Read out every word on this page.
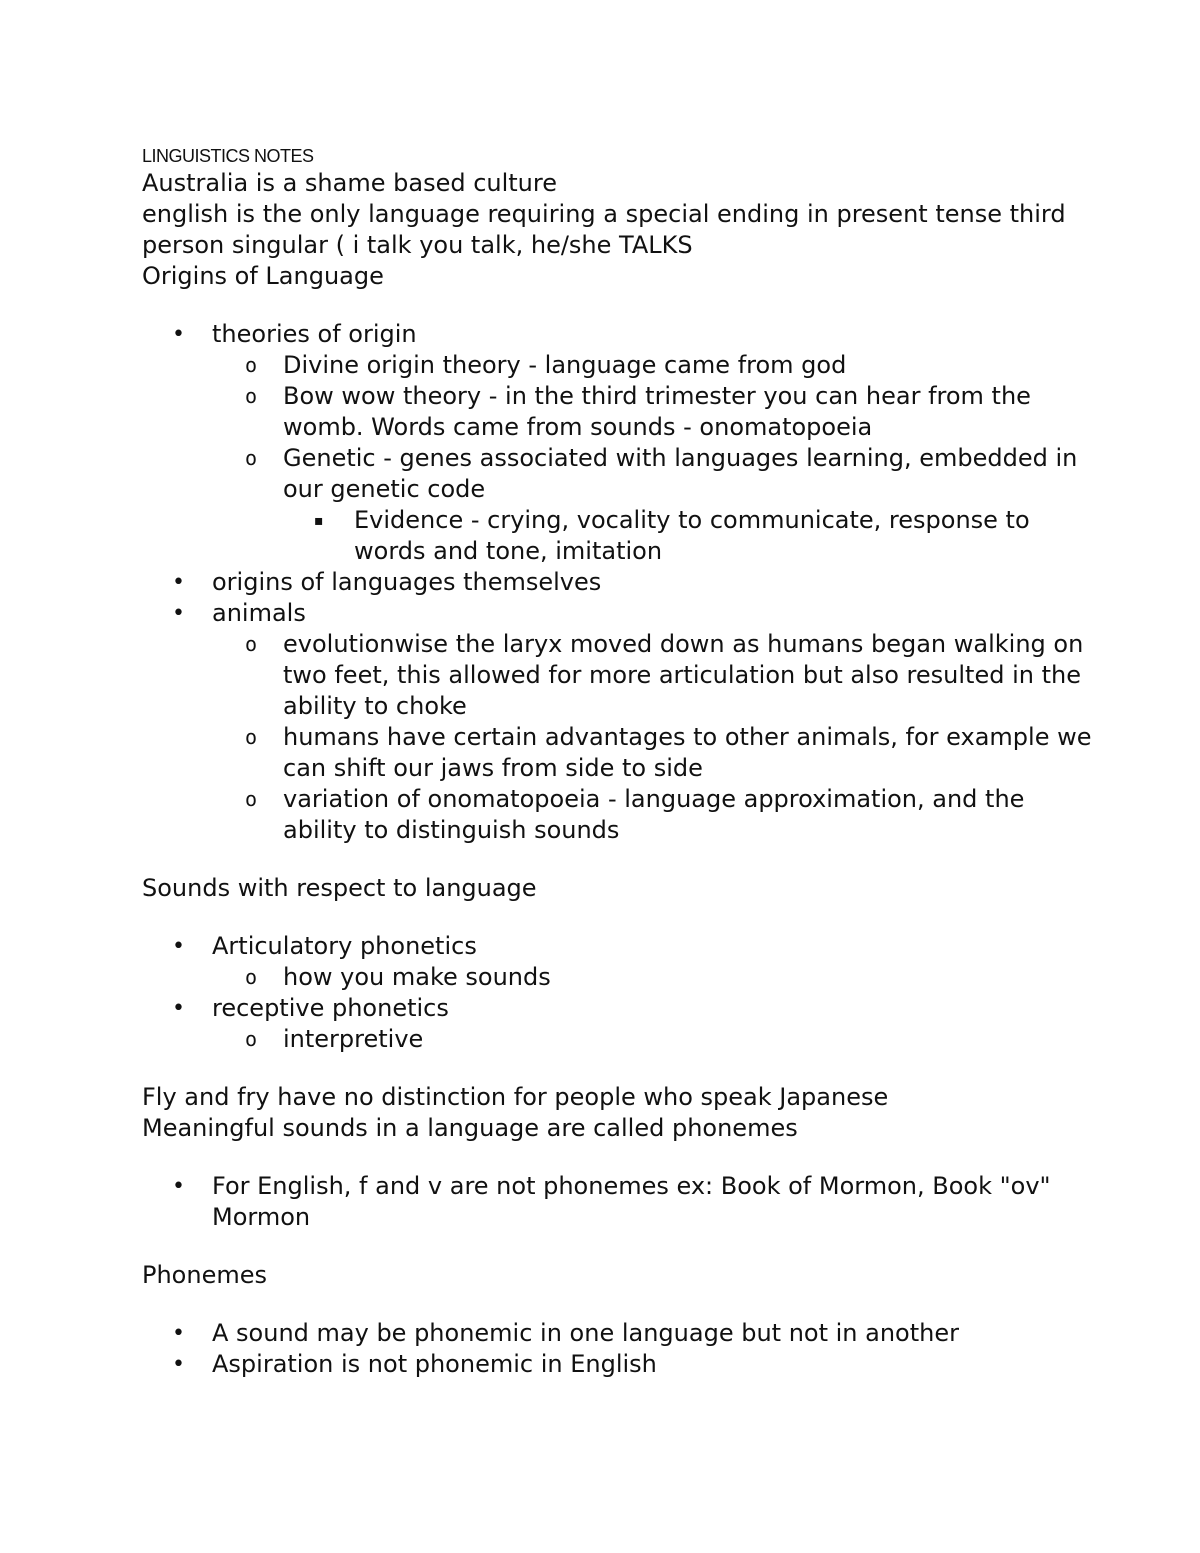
LINGUISTICS NOTES

Australia is a shame based culture

english is the only language requiring a special ending in present tense third person singular ( i talk you talk, he/she TALKS

Origins of Language

• theories of origin
o Divine origin theory - language came from god
o Bow wow theory - in the third trimester you can hear from the womb. Words came from sounds - onomatopoeia
o Genetic - genes associated with languages learning, embedded in our genetic code
▪ Evidence - crying, vocality to communicate, response to words and tone, imitation
• origins of languages themselves
• animals
o evolutionwise the laryx moved down as humans began walking on two feet, this allowed for more articulation but also resulted in the ability to choke
o humans have certain advantages to other animals, for example we can shift our jaws from side to side
o variation of onomatopoeia - language approximation, and the ability to distinguish sounds

Sounds with respect to language

• Articulatory phonetics
o how you make sounds
• receptive phonetics
o interpretive

Fly and fry have no distinction for people who speak Japanese

Meaningful sounds in a language are called phonemes

• For English, f and v are not phonemes ex: Book of Mormon, Book "ov" Mormon

Phonemes

• A sound may be phonemic in one language but not in another
• Aspiration is not phonemic in English
